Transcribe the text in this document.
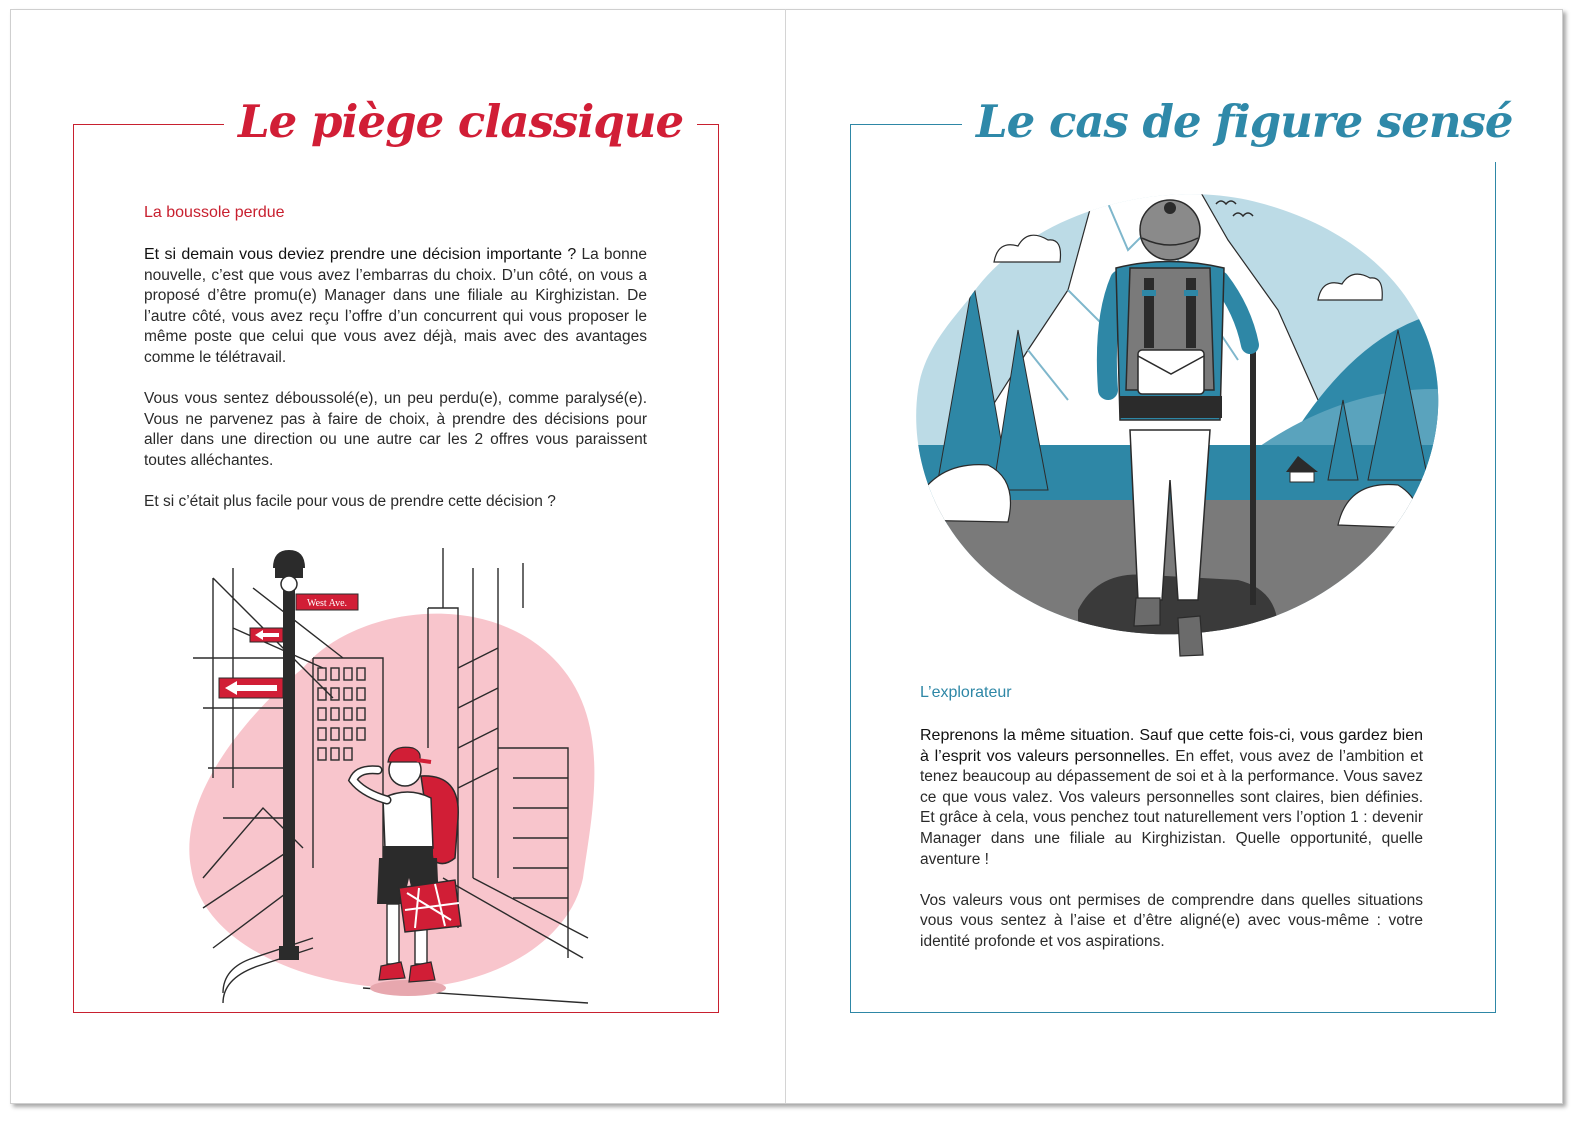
Le piège classique
La boussole perdue

Et si demain vous deviez prendre une décision importante ? La bonne nouvelle, c’est que vous avez l’embarras du choix. D’un côté, on vous a proposé d’être promu(e) Manager dans une filiale au Kirghizistan. De l’autre côté, vous avez reçu l’offre d’un concurrent qui vous proposer le même poste que celui que vous avez déjà, mais avec des avantages comme le télétravail.

Vous vous sentez déboussolé(e), un peu perdu(e), comme paralysé(e). Vous ne parvenez pas à faire de choix, à prendre des décisions pour aller dans une direction ou une autre car les 2 offres vous paraissent toutes alléchantes.

Et si c’était plus facile pour vous de prendre cette décision ?

West Ave.
Le cas de figure sensé
L’explorateur

Reprenons la même situation. Sauf que cette fois-ci, vous gardez bien à l’esprit vos valeurs personnelles. En effet, vous avez de l’ambition et tenez beaucoup au dépassement de soi et à la performance. Vous savez ce que vous valez. Vos valeurs personnelles sont claires, bien définies. Et grâce à cela, vous penchez tout naturellement vers l’option 1 : devenir Manager dans une filiale au Kirghizistan. Quelle opportunité, quelle aventure !

Vos valeurs vous ont permises de comprendre dans quelles situations vous vous sentez à l’aise et d’être aligné(e) avec vous-même : votre identité profonde et vos aspirations.
